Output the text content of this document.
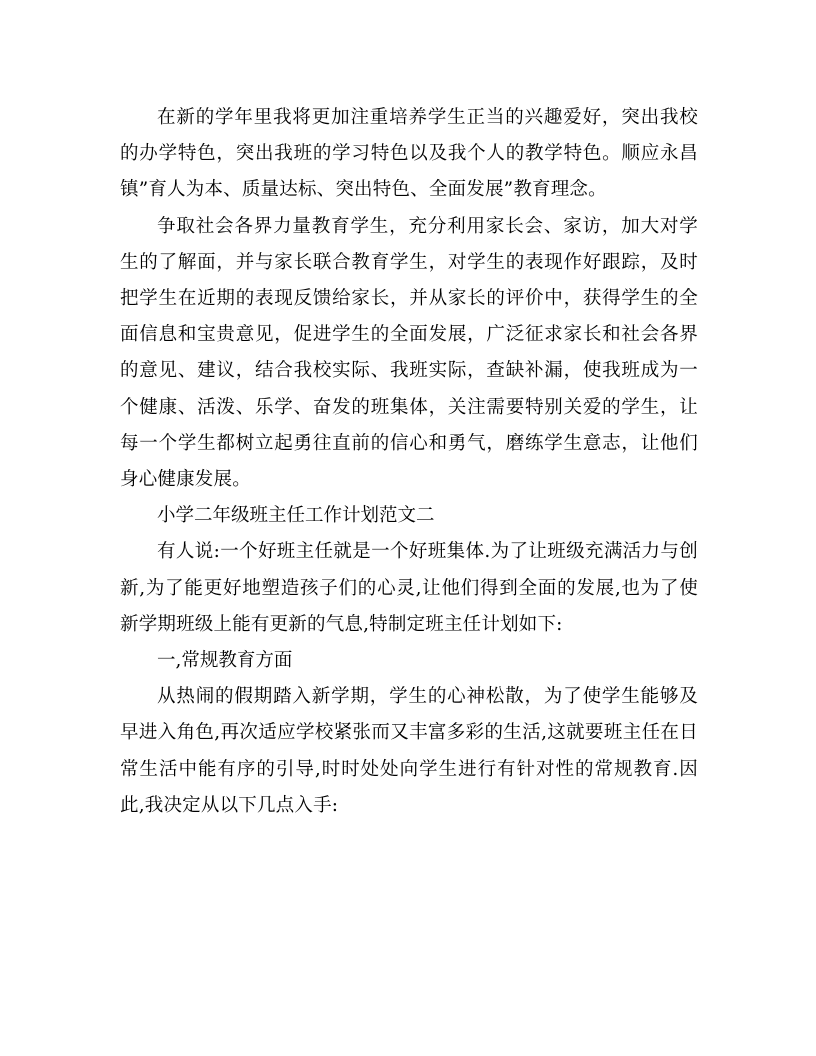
在新的学年里我将更加注重培养学生正当的兴趣爱好，突出我校的办学特色，突出我班的学习特色以及我个人的教学特色。顺应永昌镇”育人为本、质量达标、突出特色、全面发展”教育理念。

争取社会各界力量教育学生，充分利用家长会、家访，加大对学生的了解面，并与家长联合教育学生，对学生的表现作好跟踪，及时把学生在近期的表现反馈给家长，并从家长的评价中，获得学生的全面信息和宝贵意见，促进学生的全面发展，广泛征求家长和社会各界的意见、建议，结合我校实际、我班实际，查缺补漏，使我班成为一个健康、活泼、乐学、奋发的班集体，关注需要特别关爱的学生，让每一个学生都树立起勇往直前的信心和勇气，磨练学生意志，让他们身心健康发展。

小学二年级班主任工作计划范文二

有人说:一个好班主任就是一个好班集体.为了让班级充满活力与创新,为了能更好地塑造孩子们的心灵,让他们得到全面的发展,也为了使新学期班级上能有更新的气息,特制定班主任计划如下:

一,常规教育方面

从热闹的假期踏入新学期，学生的心神松散，为了使学生能够及早进入角色,再次适应学校紧张而又丰富多彩的生活,这就要班主任在日常生活中能有序的引导,时时处处向学生进行有针对性的常规教育.因此,我决定从以下几点入手:
